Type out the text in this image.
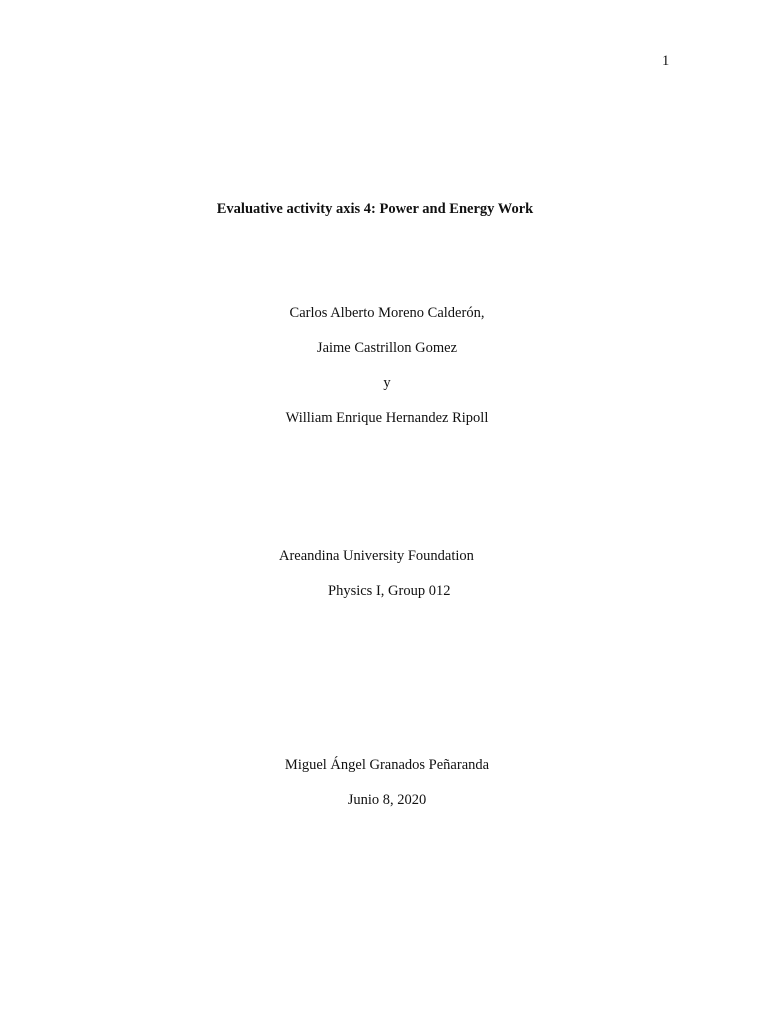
1
Evaluative activity axis 4: Power and Energy Work
Carlos Alberto Moreno Calderón,
Jaime Castrillon Gomez
y
William Enrique Hernandez Ripoll
Areandina University Foundation
Physics I, Group 012
Miguel Ángel Granados Peñaranda
Junio 8, 2020
